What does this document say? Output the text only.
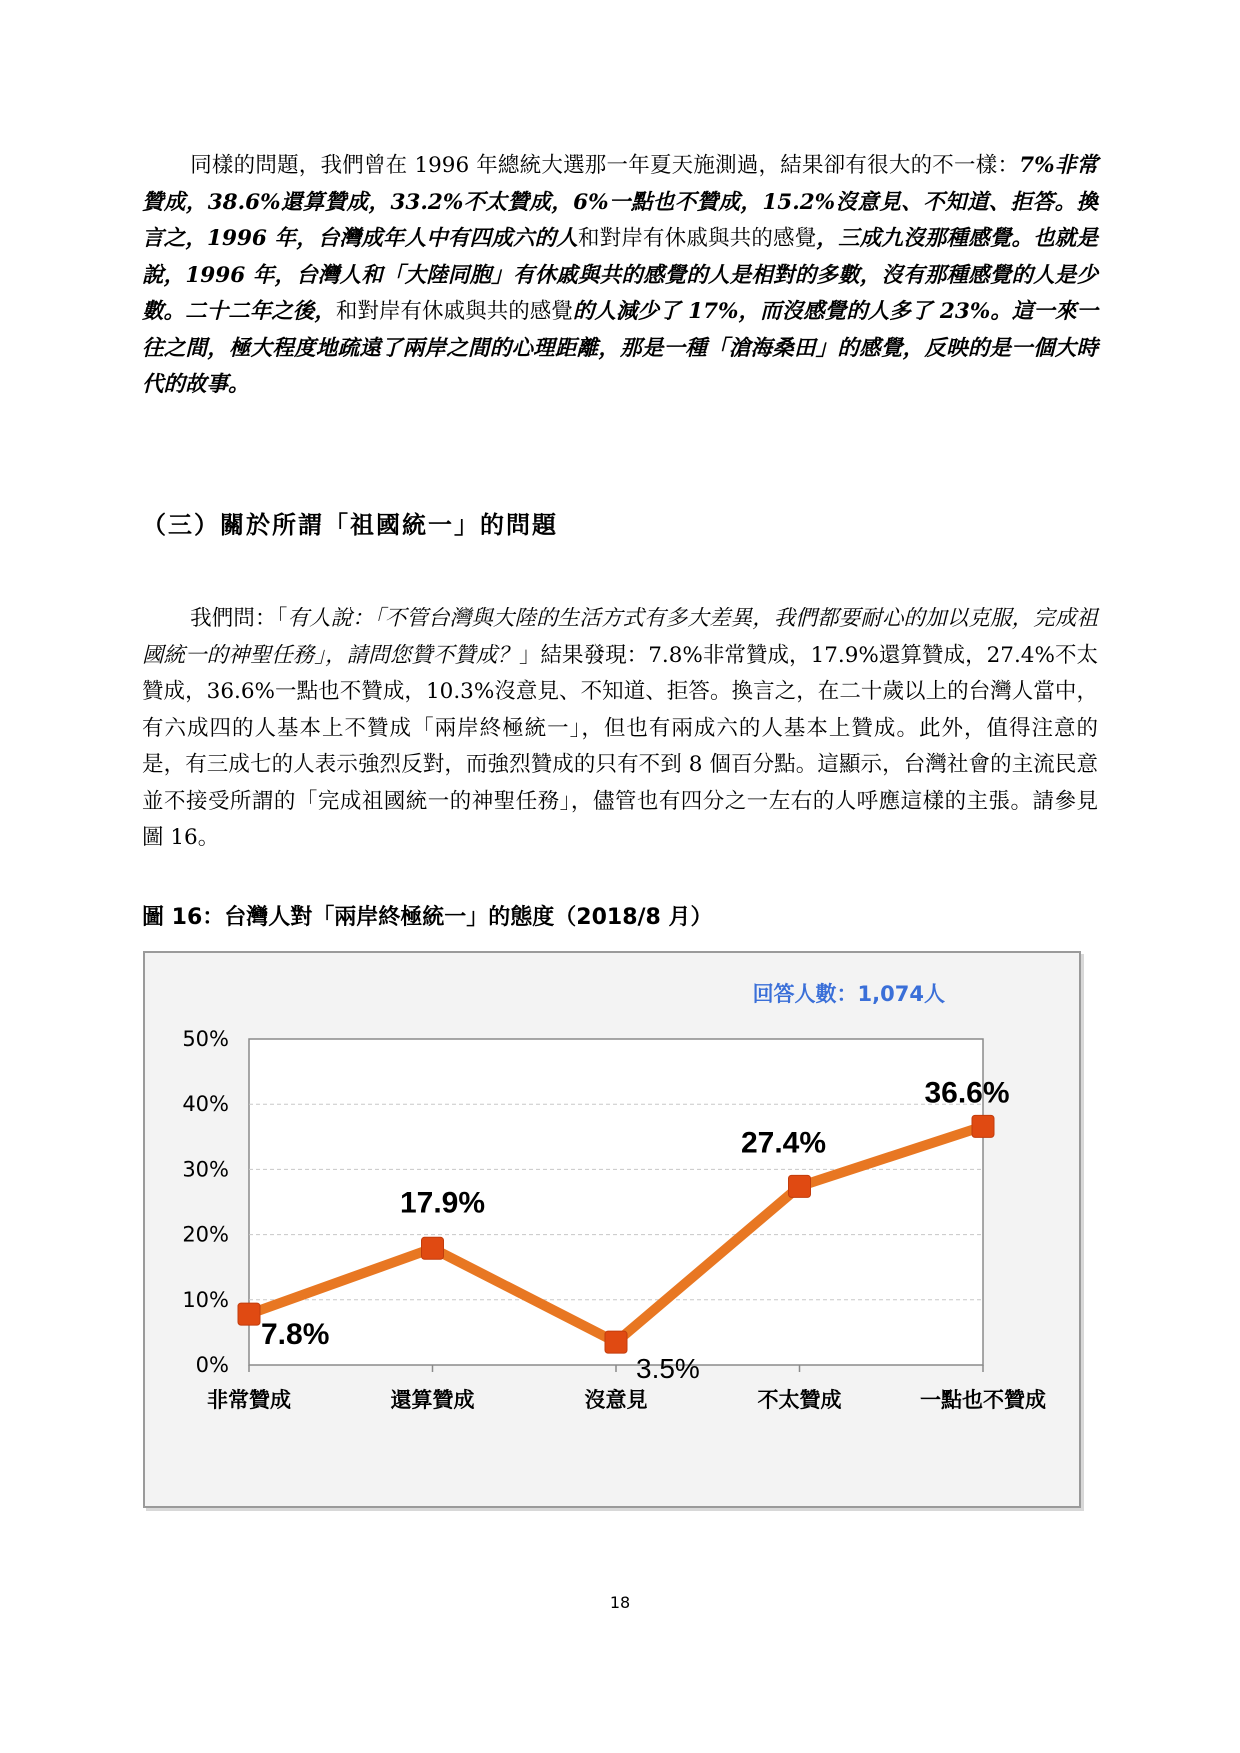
同樣的問題，我們曾在 1996 年總統大選那一年夏天施測過，結果卻有很大的不一樣：7%非常贊成，38.6%還算贊成，33.2%不太贊成，6%一點也不贊成，15.2%沒意見、不知道、拒答。換言之，1996 年，台灣成年人中有四成六的人和對岸有休戚與共的感覺，三成九沒那種感覺。也就是說，1996 年，台灣人和「大陸同胞」有休戚與共的感覺的人是相對的多數，沒有那種感覺的人是少數。二十二年之後，和對岸有休戚與共的感覺的人減少了 17%，而沒感覺的人多了 23%。這一來一往之間，極大程度地疏遠了兩岸之間的心理距離，那是一種「滄海桑田」的感覺，反映的是一個大時代的故事。

（三）關於所謂「祖國統一」的問題

我們問：「有人說：「不管台灣與大陸的生活方式有多大差異，我們都要耐心的加以克服，完成祖國統一的神聖任務」，請問您贊不贊成？」結果發現：7.8%非常贊成，17.9%還算贊成，27.4%不太贊成，36.6%一點也不贊成，10.3%沒意見、不知道、拒答。換言之，在二十歲以上的台灣人當中，有六成四的人基本上不贊成「兩岸終極統一」，但也有兩成六的人基本上贊成。此外，值得注意的是，有三成七的人表示強烈反對，而強烈贊成的只有不到 8 個百分點。這顯示，台灣社會的主流民意並不接受所謂的「完成祖國統一的神聖任務」，儘管也有四分之一左右的人呼應這樣的主張。請參見圖 16。

圖 16：台灣人對「兩岸終極統一」的態度（2018/8 月）

0%
10%
20%
30%
40%
50%
非常贊成	還算贊成	沒意見	不太贊成	一點也不贊成
7.8%
17.9%
3.5%
27.4%
36.6%
回答人數：1,074人
18
